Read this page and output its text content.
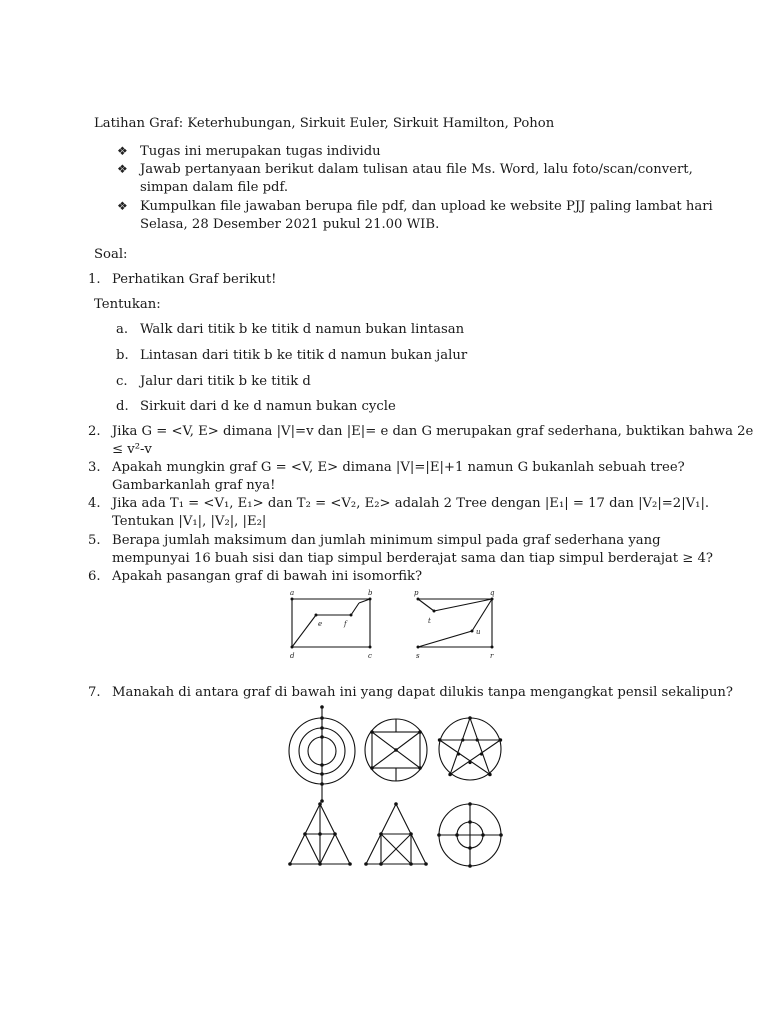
Latihan Graf: Keterhubungan, Sirkuit Euler, Sirkuit Hamilton, Pohon
❖ Tugas ini merupakan tugas individu
❖ Jawab pertanyaan berikut dalam tulisan atau file Ms. Word, lalu foto/scan/convert,
simpan dalam file pdf.
❖ Kumpulkan file jawaban berupa file pdf, dan upload ke website PJJ paling lambat hari
Selasa, 28 Desember 2021 pukul 21.00 WIB.
Soal:
1. Perhatikan Graf berikut!
Tentukan:
a. Walk dari titik b ke titik d namun bukan lintasan
b. Lintasan dari titik b ke titik d namun bukan jalur
c. Jalur dari titik b ke titik d
d. Sirkuit dari d ke d namun bukan cycle
2. Jika G = <V, E> dimana |V|=v dan |E|= e dan G merupakan graf sederhana, buktikan bahwa 2e
≤ v²-v
3. Apakah mungkin graf G = <V, E> dimana |V|=|E|+1 namun G bukanlah sebuah tree?
Gambarkanlah graf nya!
4. Jika ada T₁ = <V₁, E₁> dan T₂ = <V₂, E₂> adalah 2 Tree dengan |E₁| = 17 dan |V₂|=2|V₁|.
Tentukan |V₁|, |V₂|, |E₂|
5. Berapa jumlah maksimum dan jumlah minimum simpul pada graf sederhana yang
mempunyai 16 buah sisi dan tiap simpul berderajat sama dan tiap simpul berderajat ≥ 4?
6. Apakah pasangan graf di bawah ini isomorfik?
a	b
e	f
d	c
p	q
t
u
s	r
7. Manakah di antara graf di bawah ini yang dapat dilukis tanpa mengangkat pensil sekalipun?
